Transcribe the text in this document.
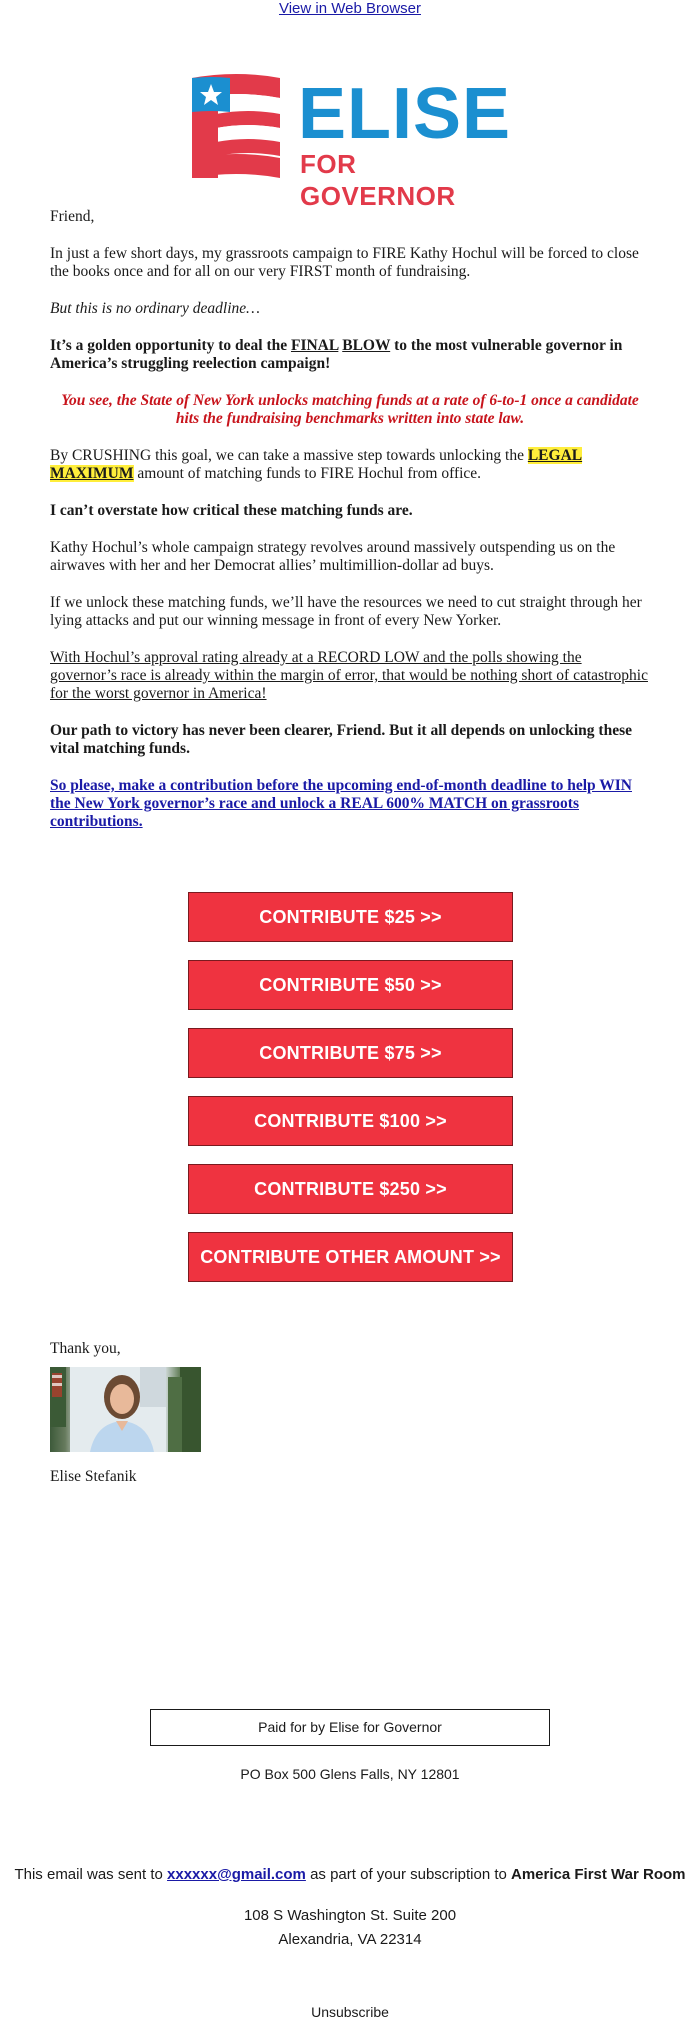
View in Web Browser
ELISE
FOR GOVERNOR

Friend,

In just a few short days, my grassroots campaign to FIRE Kathy Hochul will be forced to close the books once and for all on our very FIRST month of fundraising.

But this is no ordinary deadline…

It’s a golden opportunity to deal the FINAL BLOW to the most vulnerable governor in America’s struggling reelection campaign!

You see, the State of New York unlocks matching funds at a rate of 6-to-1 once a candidate hits the fundraising benchmarks written into state law.

By CRUSHING this goal, we can take a massive step towards unlocking the LEGAL MAXIMUM amount of matching funds to FIRE Hochul from office.

I can’t overstate how critical these matching funds are.

Kathy Hochul’s whole campaign strategy revolves around massively outspending us on the airwaves with her and her Democrat allies’ multimillion-dollar ad buys.

If we unlock these matching funds, we’ll have the resources we need to cut straight through her lying attacks and put our winning message in front of every New Yorker.

With Hochul’s approval rating already at a RECORD LOW and the polls showing the governor’s race is already within the margin of error, that would be nothing short of catastrophic for the worst governor in America!

Our path to victory has never been clearer, Friend. But it all depends on unlocking these vital matching funds.

So please, make a contribution before the upcoming end-of-month deadline to help WIN the New York governor’s race and unlock a REAL 600% MATCH on grassroots contributions.

CONTRIBUTE $25 >>
CONTRIBUTE $50 >>
CONTRIBUTE $75 >>
CONTRIBUTE $100 >>
CONTRIBUTE $250 >>
CONTRIBUTE OTHER AMOUNT >>
Thank you,
Elise Stefanik
Paid for by Elise for Governor
PO Box 500 Glens Falls, NY 12801
This email was sent to xxxxxx@gmail.com as part of your subscription to America First War Room
108 S Washington St. Suite 200
Alexandria, VA 22314
Unsubscribe
